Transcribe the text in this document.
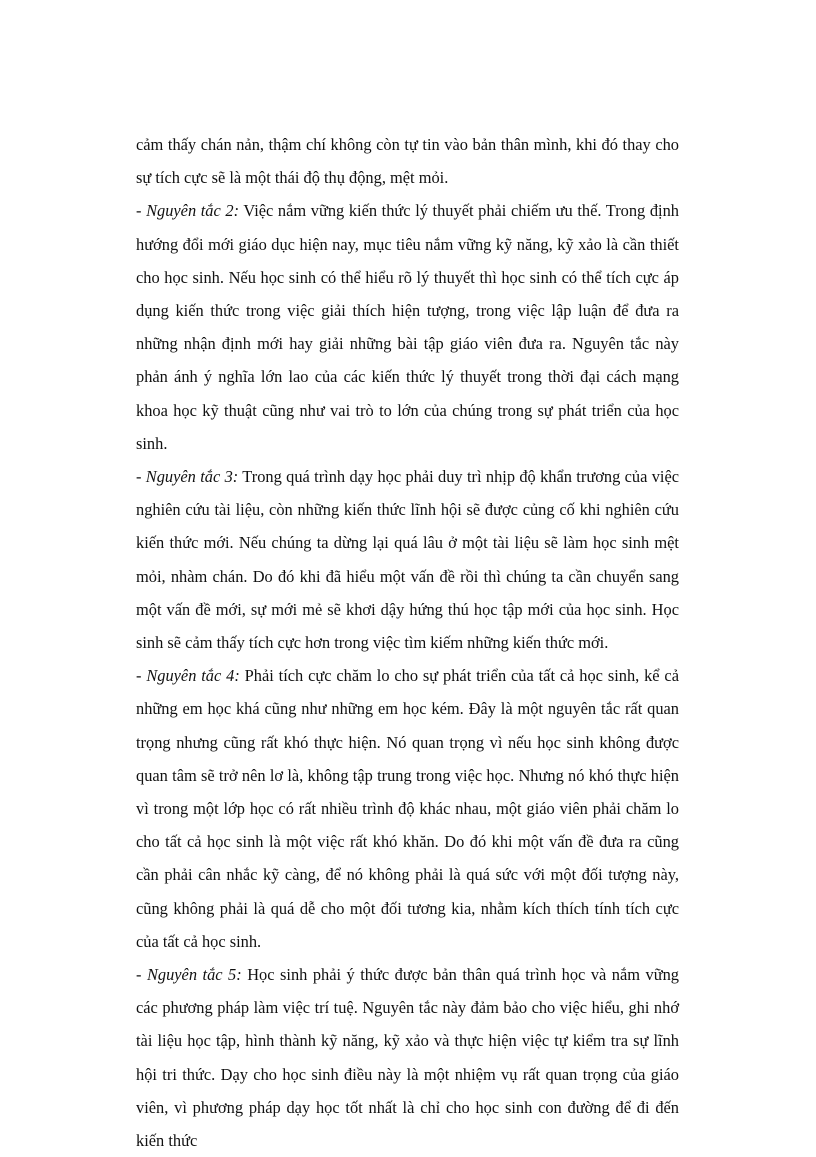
cảm thấy chán nản, thậm chí không còn tự tin vào bản thân mình, khi đó thay cho sự tích cực sẽ là một thái độ thụ động, mệt mỏi.

- Nguyên tắc 2: Việc nắm vững kiến thức lý thuyết phải chiếm ưu thế. Trong định hướng đổi mới giáo dục hiện nay, mục tiêu nắm vững kỹ năng, kỹ xảo là cần thiết cho học sinh. Nếu học sinh có thể hiểu rõ lý thuyết thì học sinh có thể tích cực áp dụng kiến thức trong việc giải thích hiện tượng, trong việc lập luận để đưa ra những nhận định mới hay giải những bài tập giáo viên đưa ra. Nguyên tắc này phản ánh ý nghĩa lớn lao của các kiến thức lý thuyết trong thời đại cách mạng khoa học kỹ thuật cũng như vai trò to lớn của chúng trong sự phát triển của học sinh.

- Nguyên tắc 3: Trong quá trình dạy học phải duy trì nhịp độ khẩn trương của việc nghiên cứu tài liệu, còn những kiến thức lĩnh hội sẽ được củng cố khi nghiên cứu kiến thức mới. Nếu chúng ta dừng lại quá lâu ở một tài liệu sẽ làm học sinh mệt mỏi, nhàm chán. Do đó khi đã hiểu một vấn đề rồi thì chúng ta cần chuyển sang một vấn đề mới, sự mới mẻ sẽ khơi dậy hứng thú học tập mới của học sinh. Học sinh sẽ cảm thấy tích cực hơn trong việc tìm kiếm những kiến thức mới.

- Nguyên tắc 4: Phải tích cực chăm lo cho sự phát triển của tất cả học sinh, kể cả những em học khá cũng như những em học kém. Đây là một nguyên tắc rất quan trọng nhưng cũng rất khó thực hiện. Nó quan trọng vì nếu học sinh không được quan tâm sẽ trở nên lơ là, không tập trung trong việc học. Nhưng nó khó thực hiện vì trong một lớp học có rất nhiều trình độ khác nhau, một giáo viên phải chăm lo cho tất cả học sinh là một việc rất khó khăn. Do đó khi một vấn đề đưa ra cũng cần phải cân nhắc kỹ càng, để nó không phải là quá sức với một đối tượng này, cũng không phải là quá dễ cho một đối tương kia, nhằm kích thích tính tích cực của tất cả học sinh.

- Nguyên tắc 5: Học sinh phải ý thức được bản thân quá trình học và nắm vững các phương pháp làm việc trí tuệ. Nguyên tắc này đảm bảo cho việc hiểu, ghi nhớ tài liệu học tập, hình thành kỹ năng, kỹ xảo và thực hiện việc tự kiểm tra sự lĩnh hội tri thức. Dạy cho học sinh điều này là một nhiệm vụ rất quan trọng của giáo viên, vì phương pháp dạy học tốt nhất là chỉ cho học sinh con đường để đi đến kiến thức
